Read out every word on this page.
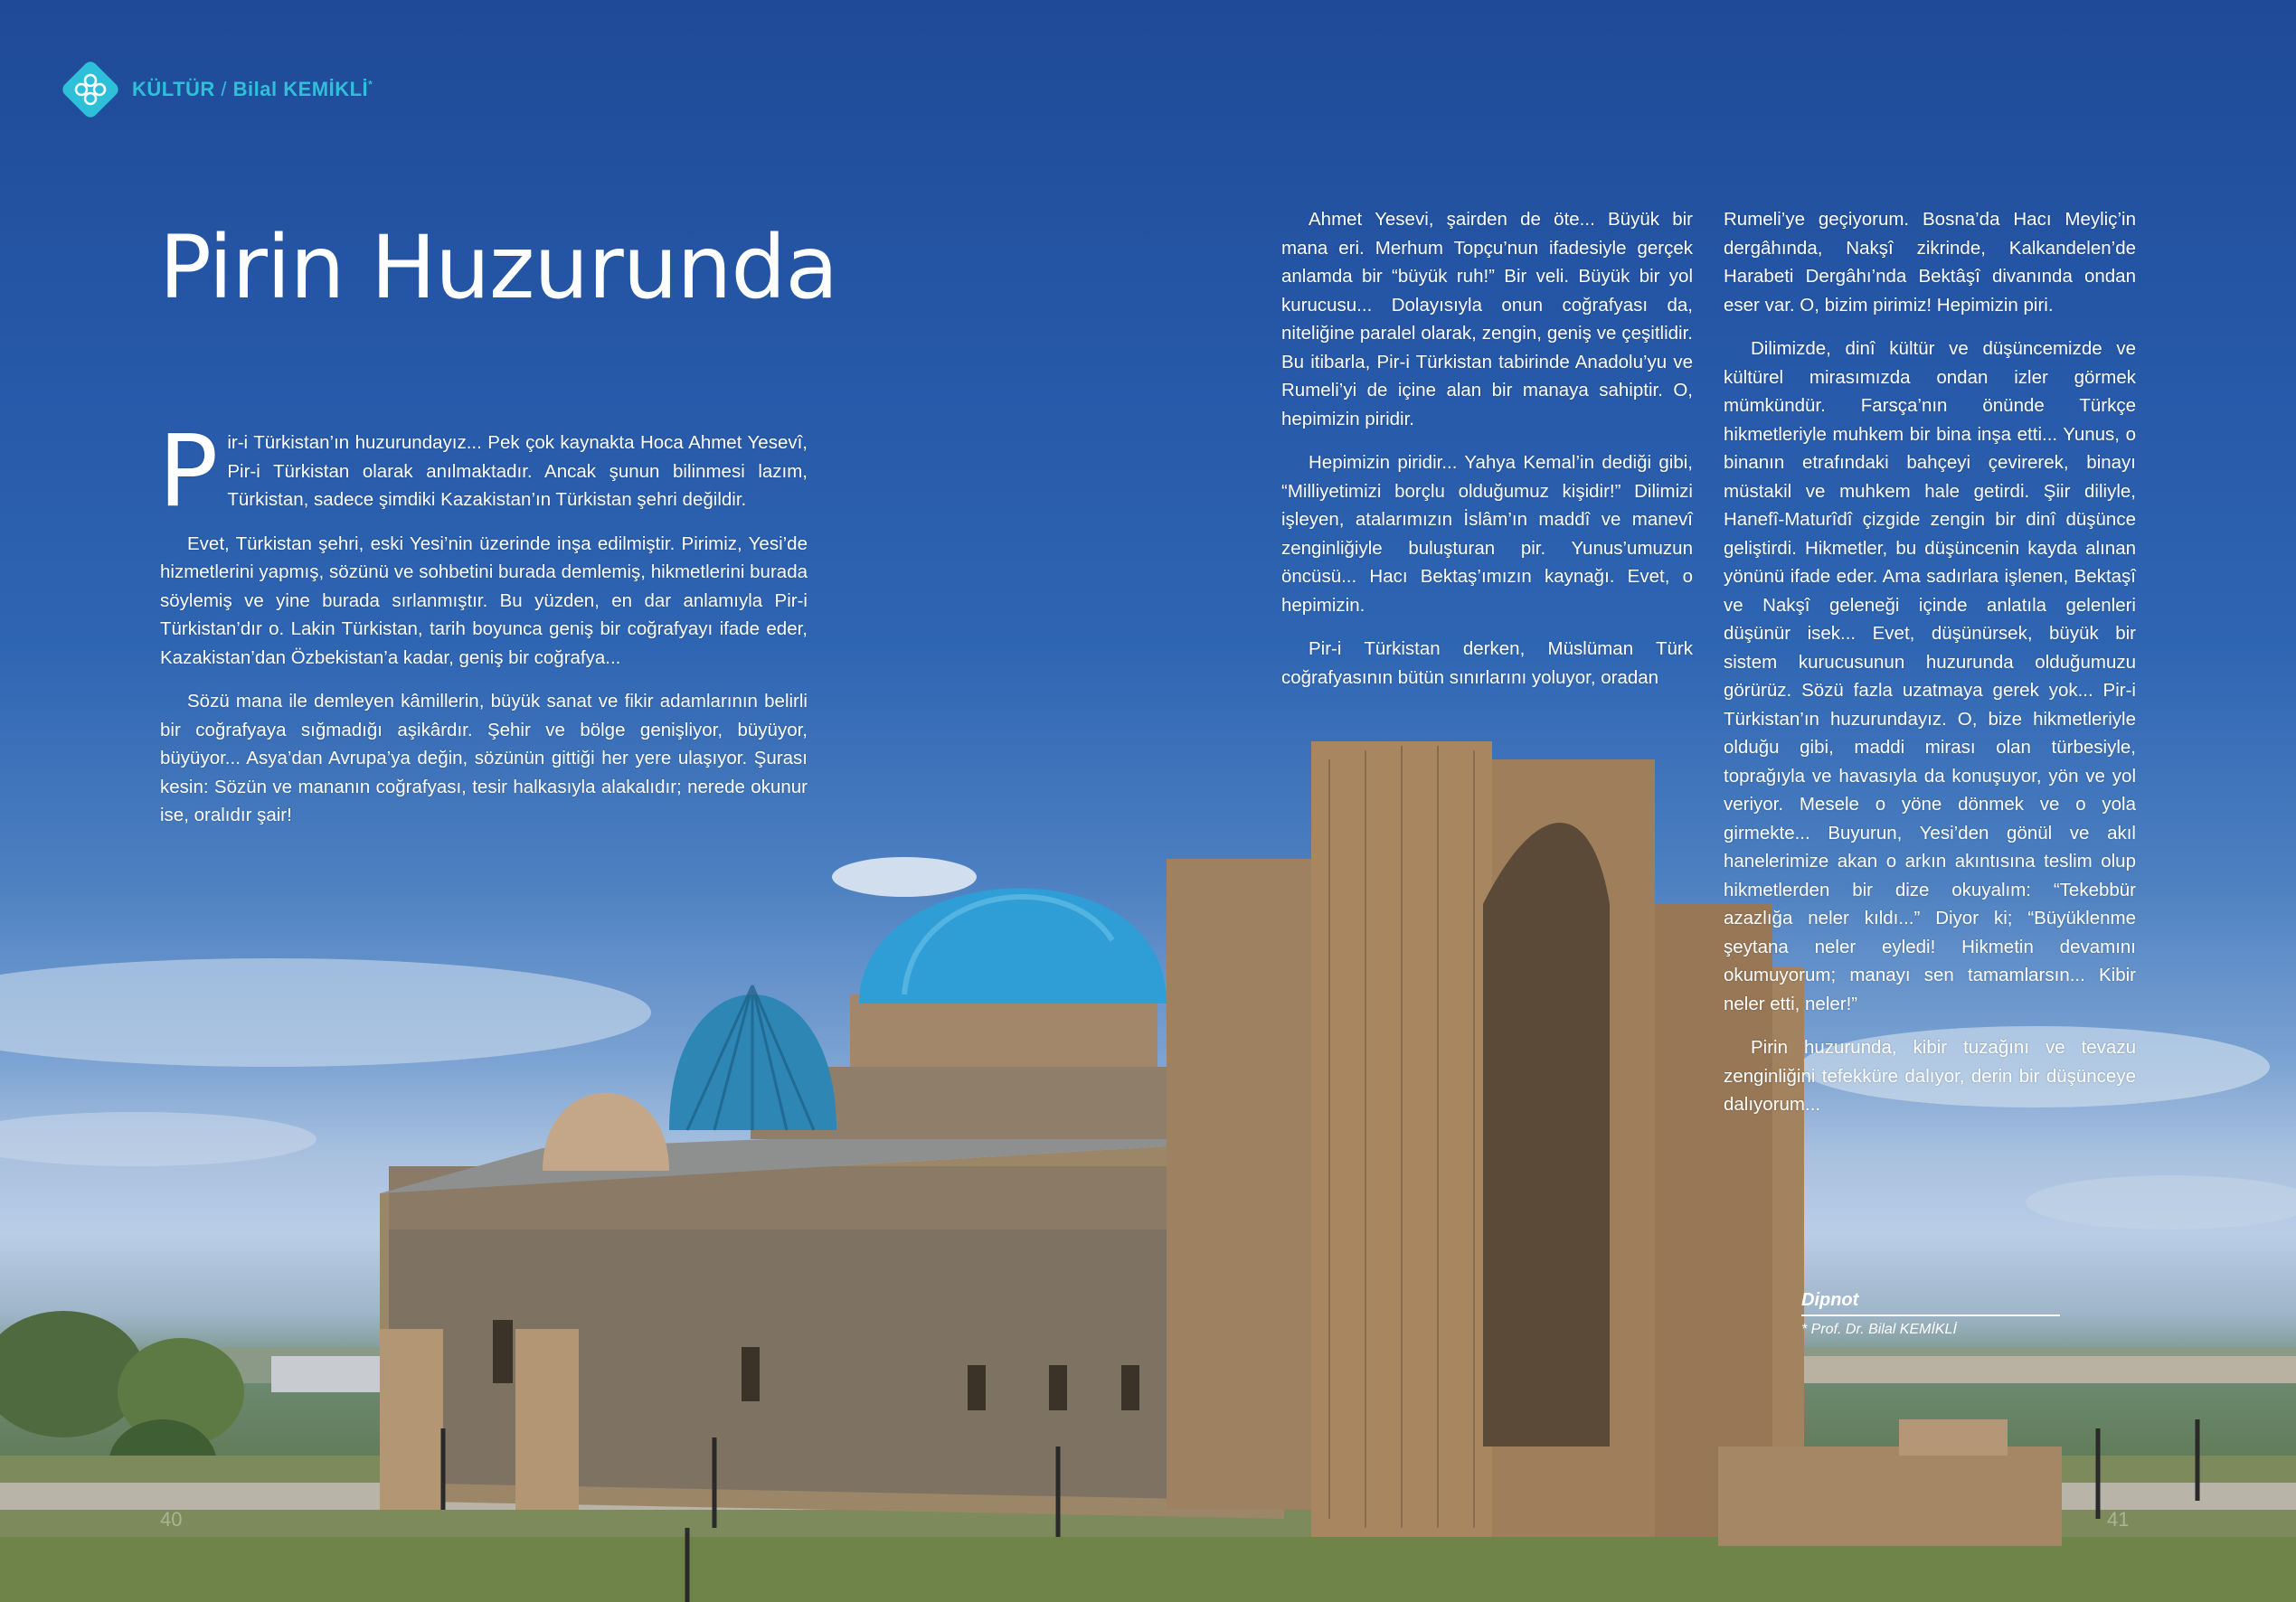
KÜLTÜR / Bilal KEMİKLİ*
Pirin Huzurunda

Pir-i Türkistan’ın huzurundayız... Pek çok kaynakta Hoca Ahmet Yesevî, Pir-i Türkistan olarak anılmaktadır. Ancak şunun bilinmesi lazım, Türkistan, sadece şimdiki Kazakistan’ın Türkistan şehri değildir.

Evet, Türkistan şehri, eski Yesi’nin üzerinde inşa edilmiştir. Pirimiz, Yesi’de hizmetlerini yapmış, sözünü ve sohbetini burada demlemiş, hikmetlerini burada söylemiş ve yine burada sırlanmıştır. Bu yüzden, en dar anlamıyla Pir-i Türkistan’dır o. Lakin Türkistan, tarih boyunca geniş bir coğrafyayı ifade eder, Kazakistan’dan Özbekistan’a kadar, geniş bir coğrafya...

Sözü mana ile demleyen kâmillerin, büyük sanat ve fikir adamlarının belirli bir coğrafyaya sığmadığı aşikârdır. Şehir ve bölge genişliyor, büyüyor, büyüyor... Asya’dan Avrupa’ya değin, sözünün gittiği her yere ulaşıyor. Şurası kesin: Sözün ve mananın coğrafyası, tesir halkasıyla alakalıdır; nerede okunur ise, oralıdır şair!

Ahmet Yesevi, şairden de öte... Büyük bir mana eri. Merhum Topçu’nun ifadesiyle gerçek anlamda bir “büyük ruh!” Bir veli. Büyük bir yol kurucusu... Dolayısıyla onun coğrafyası da, niteliğine paralel olarak, zengin, geniş ve çeşitlidir. Bu itibarla, Pir-i Türkistan tabirinde Anadolu’yu ve Rumeli’yi de içine alan bir manaya sahiptir. O, hepimizin piridir.

Hepimizin piridir... Yahya Kemal’in dediği gibi, “Milliyetimizi borçlu olduğumuz kişidir!” Dilimizi işleyen, atalarımızın İslâm’ın maddî ve manevî zenginliğiyle buluşturan pir. Yunus’umuzun öncüsü... Hacı Bektaş’ımızın kaynağı. Evet, o hepimizin.

Pir-i Türkistan derken, Müslüman Türk coğrafyasının bütün sınırlarını yoluyor, oradan

Rumeli’ye geçiyorum. Bosna’da Hacı Meyliç’in dergâhında, Nakşî zikrinde, Kalkandelen’de Harabeti Dergâhı’nda Bektâşî divanında ondan eser var. O, bizim pirimiz! Hepimizin piri.

Dilimizde, dinî kültür ve düşüncemizde ve kültürel mirasımızda ondan izler görmek mümkündür. Farsça’nın önünde Türkçe hikmetleriyle muhkem bir bina inşa etti... Yunus, o binanın etrafındaki bahçeyi çevirerek, binayı müstakil ve muhkem hale getirdi. Şiir diliyle, Hanefî-Maturîdî çizgide zengin bir dinî düşünce geliştirdi. Hikmetler, bu düşüncenin kayda alınan yönünü ifade eder. Ama sadırlara işlenen, Bektaşî ve Nakşî geleneği içinde anlatıla gelenleri düşünür isek... Evet, düşünürsek, büyük bir sistem kurucusunun huzurunda olduğumuzu görürüz. Sözü fazla uzatmaya gerek yok... Pir-i Türkistan’ın huzurundayız. O, bize hikmetleriyle olduğu gibi, maddi mirası olan türbesiyle, toprağıyla ve havasıyla da konuşuyor, yön ve yol veriyor. Mesele o yöne dönmek ve o yola girmekte... Buyurun, Yesi’den gönül ve akıl hanelerimize akan o arkın akıntısına teslim olup hikmetlerden bir dize okuyalım: “Tekebbür azazlığa neler kıldı...” Diyor ki; “Büyüklenme şeytana neler eyledi! Hikmetin devamını okumuyorum; manayı sen tamamlarsın... Kibir neler etti, neler!”

Pirin huzurunda, kibir tuzağını ve tevazu zenginliğini tefekküre dalıyor, derin bir düşünceye dalıyorum...

Dipnot
* Prof. Dr. Bilal KEMİKLİ
40	41
